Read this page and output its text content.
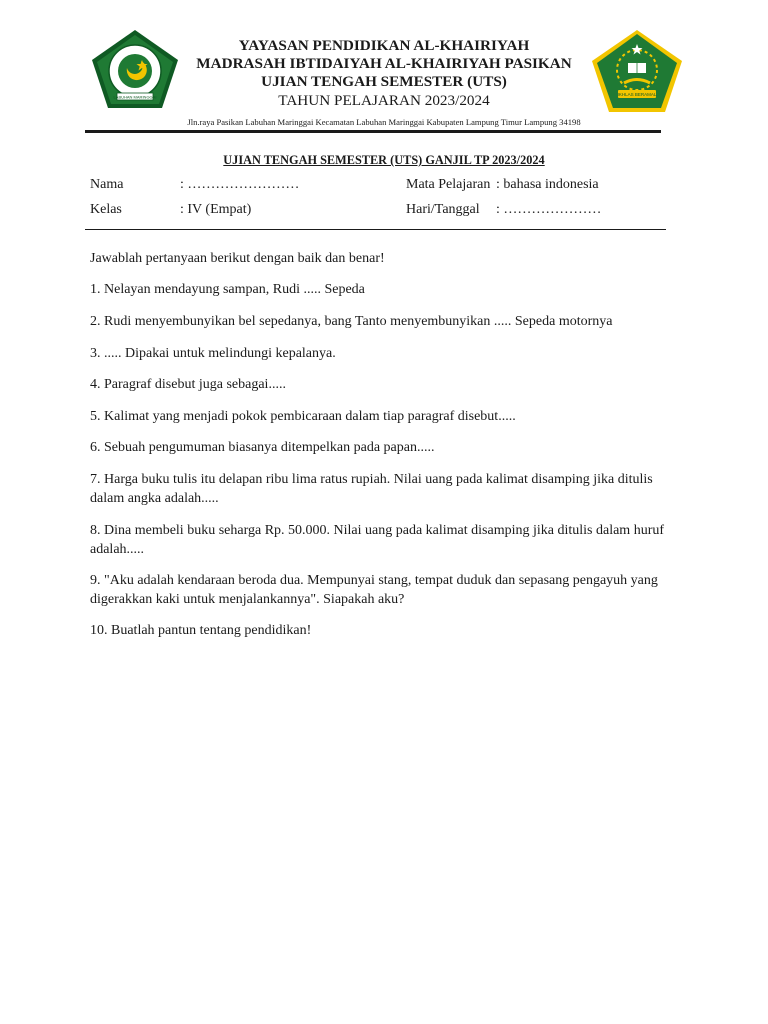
LABUHAN MARINGGAI	IKHLAS BERAMAL
YAYASAN PENDIDIKAN AL-KHAIRIYAH
MADRASAH IBTIDAIYAH AL-KHAIRIYAH PASIKAN
UJIAN TENGAH SEMESTER (UTS)
TAHUN PELAJARAN 2023/2024
Jln.raya Pasikan Labuhan Maringgai Kecamatan Labuhan Maringgai Kabupaten Lampung Timur Lampung 34198
UJIAN TENGAH SEMESTER (UTS) GANJIL TP 2023/2024
Nama	: ……………………	Mata Pelajaran : bahasa indonesia
Kelas	: IV (Empat)	Hari/Tanggal : …………………
Jawablah pertanyaan berikut dengan baik dan benar!
1. Nelayan mendayung sampan, Rudi ..... Sepeda
2. Rudi menyembunyikan bel sepedanya, bang Tanto menyembunyikan ..... Sepeda motornya
3. ..... Dipakai untuk melindungi kepalanya.
4. Paragraf disebut juga sebagai.....
5. Kalimat yang menjadi pokok pembicaraan dalam tiap paragraf disebut.....
6. Sebuah pengumuman biasanya ditempelkan pada papan.....
7. Harga buku tulis itu delapan ribu lima ratus rupiah. Nilai uang pada kalimat disamping jika ditulis dalam angka adalah.....
8. Dina membeli buku seharga Rp. 50.000. Nilai uang pada kalimat disamping jika ditulis dalam huruf adalah.....
9. "Aku adalah kendaraan beroda dua. Mempunyai stang, tempat duduk dan sepasang pengayuh yang digerakkan kaki untuk menjalankannya". Siapakah aku?
10. Buatlah pantun tentang pendidikan!
